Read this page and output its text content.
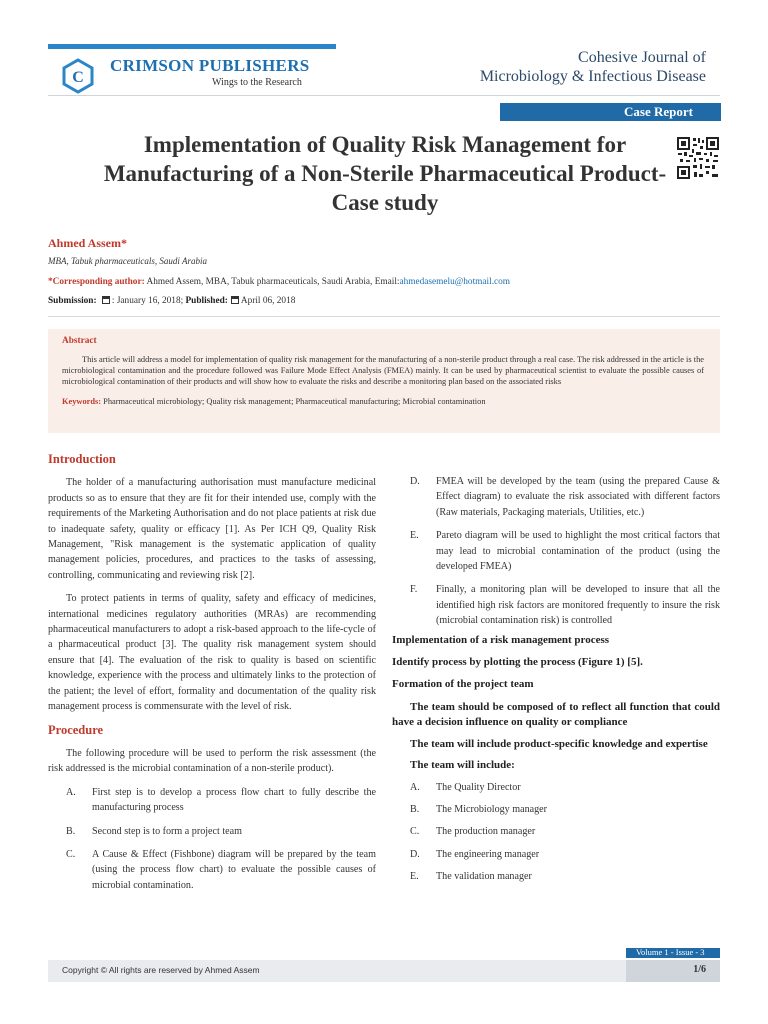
C
CRIMSON PUBLISHERS
Wings to the Research
Cohesive Journal of
Microbiology & Infectious Disease
Case Report
Implementation of Quality Risk Management for Manufacturing of a Non-Sterile Pharmaceutical Product- Case study
Ahmed Assem*
MBA, Tabuk pharmaceuticals, Saudi Arabia
*Corresponding author: Ahmed Assem, MBA, Tabuk pharmaceuticals, Saudi Arabia, Email:ahmedasemelu@hotmail.com
Submission: : January 16, 2018; Published: April 06, 2018
Abstract
This article will address a model for implementation of quality risk management for the manufacturing of a non-sterile product through a real case. The risk addressed in the article is the microbiological contamination and the procedure followed was Failure Mode Effect Analysis (FMEA) mainly. It can be used by pharmaceutical scientist to evaluate the possible causes of microbiological contamination of their products and will show how to evaluate the risks and describe a monitoring plan based on the associated risks
Keywords: Pharmaceutical microbiology; Quality risk management; Pharmaceutical manufacturing; Microbial contamination
Introduction

The holder of a manufacturing authorisation must manufacture medicinal products so as to ensure that they are fit for their intended use, comply with the requirements of the Marketing Authorisation and do not place patients at risk due to inadequate safety, quality or efficacy [1]. As Per ICH Q9, Quality Risk Management, "Risk management is the systematic application of quality management policies, procedures, and practices to the tasks of assessing, controlling, communicating and reviewing risk [2].

To protect patients in terms of quality, safety and efficacy of medicines, international medicines regulatory authorities (MRAs) are recommending pharmaceutical manufacturers to adopt a risk-based approach to the life-cycle of a pharmaceutical product [3]. The quality risk management system should ensure that [4]. The evaluation of the risk to quality is based on scientific knowledge, experience with the process and ultimately links to the protection of the patient; the level of effort, formality and documentation of the quality risk management process is commensurate with the level of risk.

Procedure

The following procedure will be used to perform the risk assessment (the risk addressed is the microbial contamination of a non-sterile product).

A.	First step is to develop a process flow chart to fully describe the manufacturing process
B.	Second step is to form a project team
C.	A Cause & Effect (Fishbone) diagram will be prepared by the team (using the process flow chart) to evaluate the possible causes of microbial contamination.
D.	FMEA will be developed by the team (using the prepared Cause & Effect diagram) to evaluate the risk associated with different factors (Raw materials, Packaging materials, Utilities, etc.)
E.	Pareto diagram will be used to highlight the most critical factors that may lead to microbial contamination of the product (using the developed FMEA)
F.	Finally, a monitoring plan will be developed to insure that all the identified high risk factors are monitored frequently to insure the risk (microbial contamination risk) is controlled
Implementation of a risk management process
Identify process by plotting the process (Figure 1) [5].
Formation of the project team

The team should be composed of to reflect all function that could have a decision influence on quality or compliance

The team will include product-specific knowledge and expertise

The team will include:

A.	The Quality Director
B.	The Microbiology manager
C.	The production manager
D.	The engineering manager
E.	The validation manager
Volume 1 - Issue - 3
Copyright © All rights are reserved by Ahmed Assem	1/6
